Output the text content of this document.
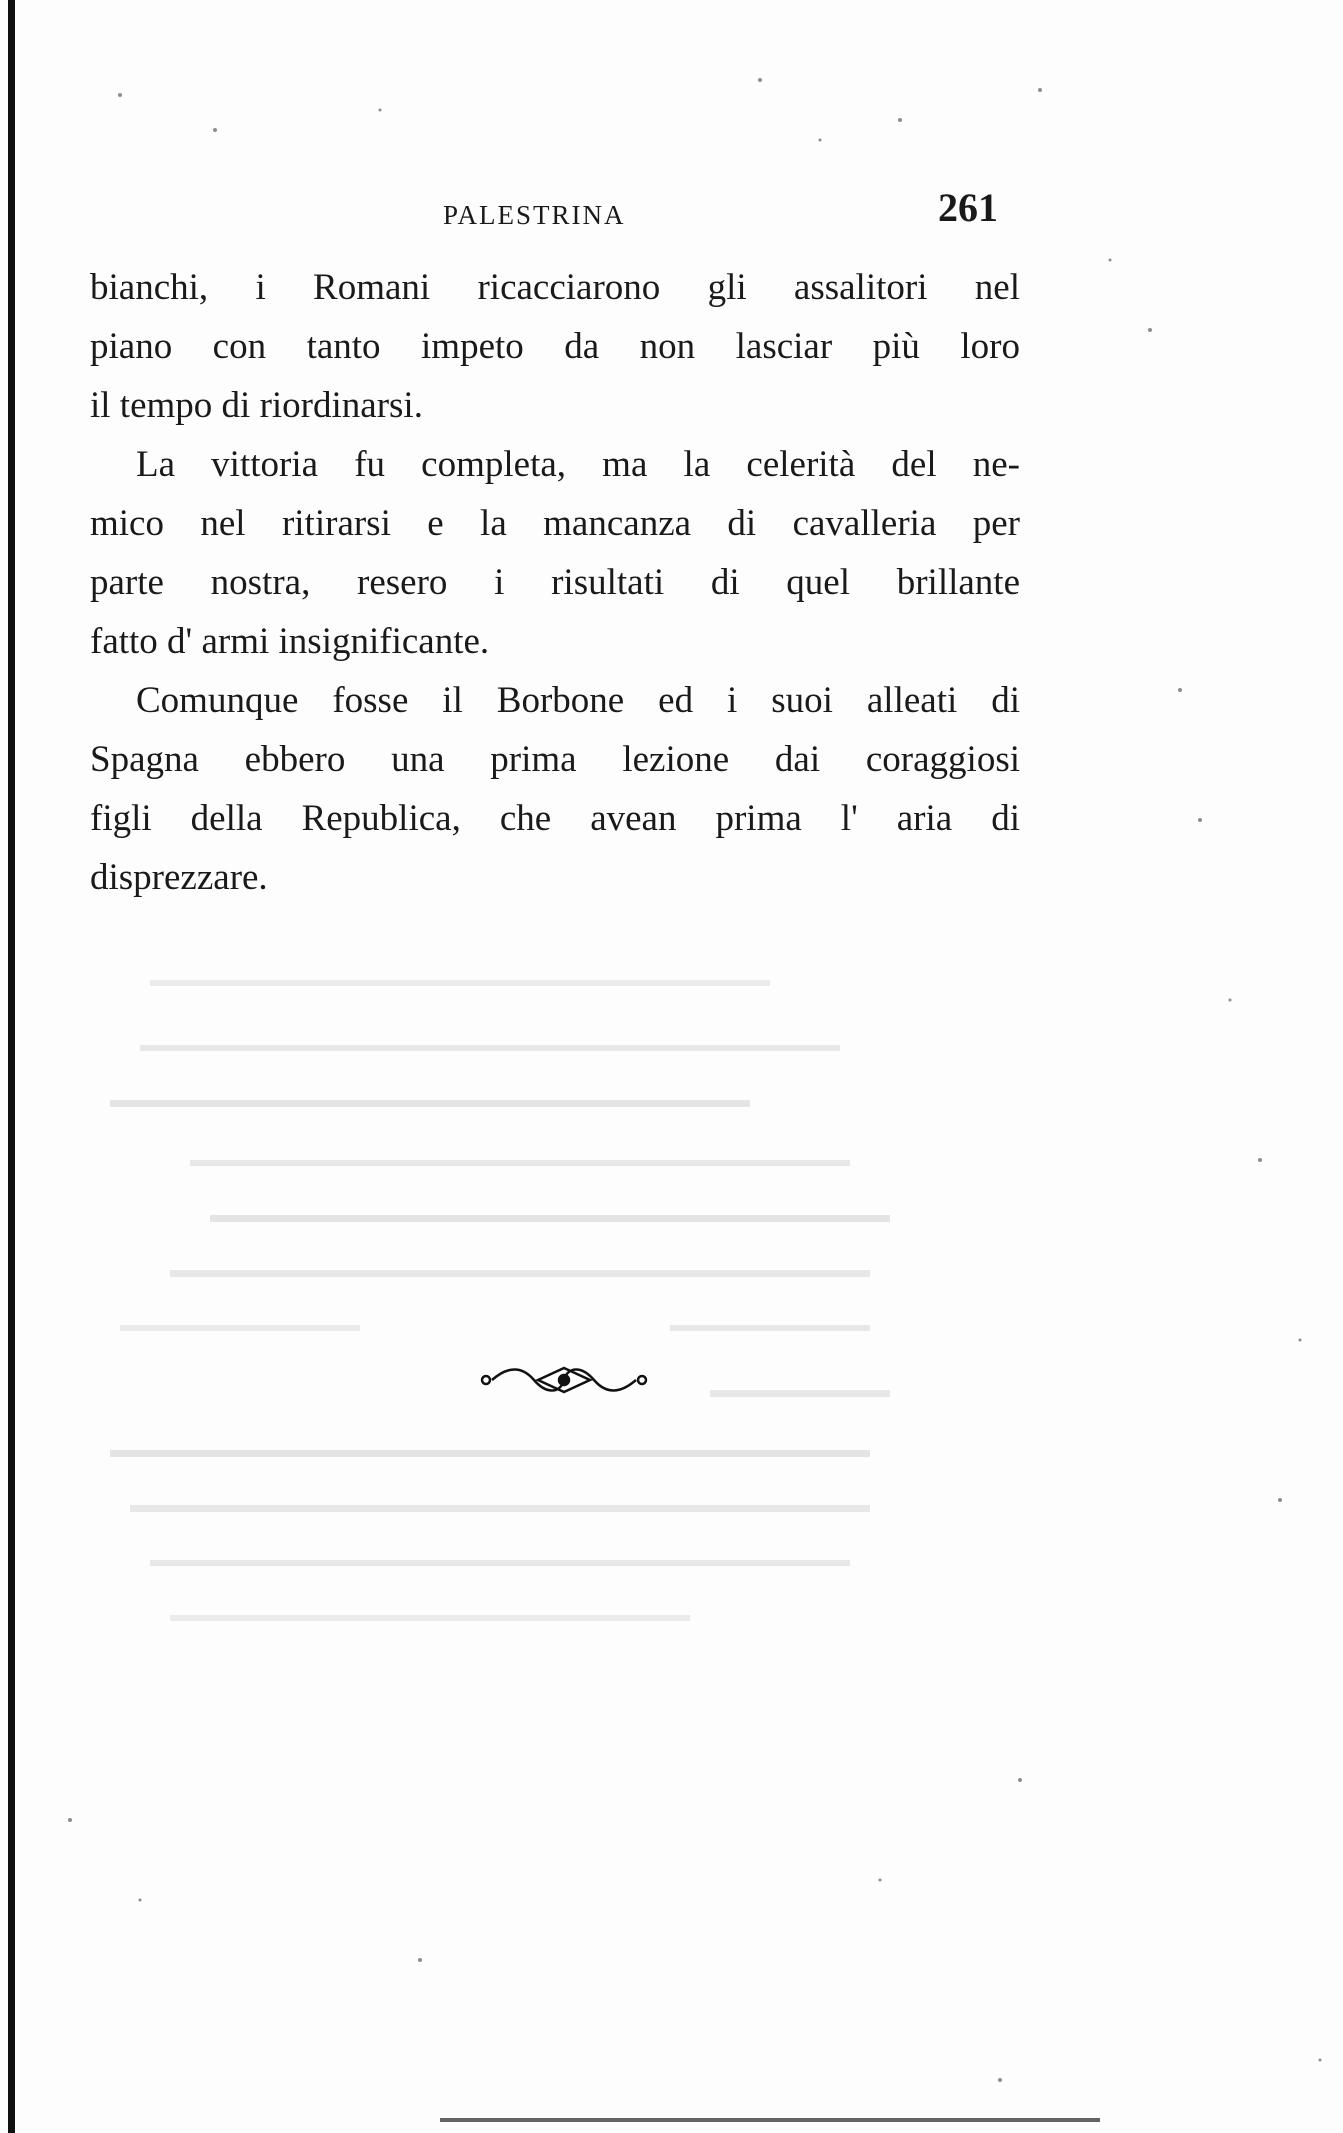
PALESTRINA	261
bianchi, i Romani ricacciarono gli assalitori nel
piano con tanto impeto da non lasciar più loro
il tempo di riordinarsi.
La vittoria fu completa, ma la celerità del ne-
mico nel ritirarsi e la mancanza di cavalleria per
parte nostra, resero i risultati di quel brillante
fatto d' armi insignificante.
Comunque fosse il Borbone ed i suoi alleati di
Spagna ebbero una prima lezione dai coraggiosi
figli della Republica, che avean prima l' aria di
disprezzare.
